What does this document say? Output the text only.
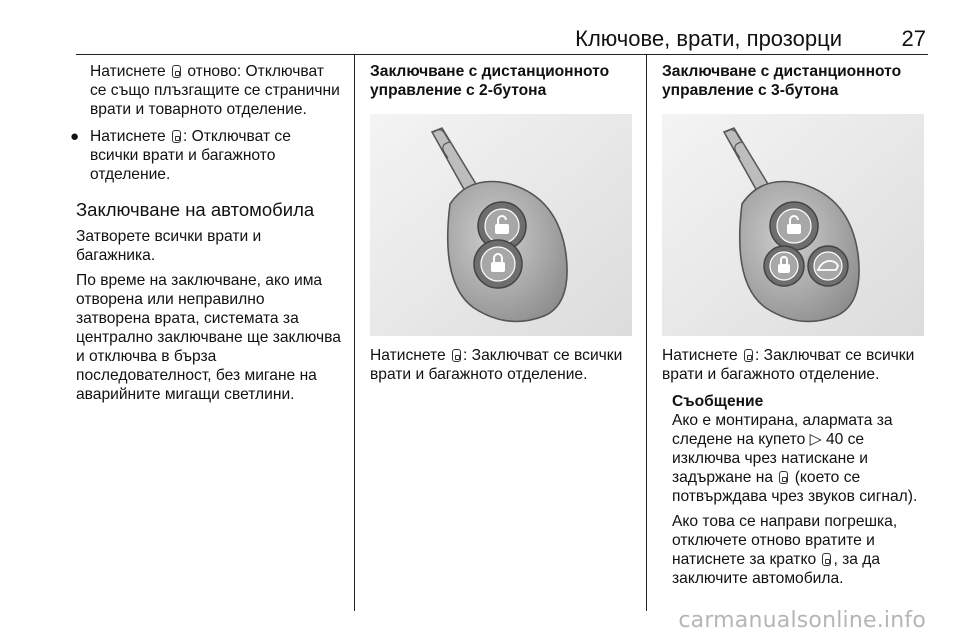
Ключове, врати, прозорци	27

Натиснете отново: Отключват се също плъзгащите се странични врати и товарното отделение.

● Натиснете : Отключват се всички врати и багажното отделение.

Заключване на автомобила

Затворете всички врати и багажника.

По време на заключване, ако има отворена или неправилно затворена врата, системата за централно заключване ще заключва и отключва в бърза последователност, без мигане на аварийните мигащи светлини.

Заключване с дистанционното управление с 2-бутона

Натиснете : Заключват се всички врати и багажното отделение.

Заключване с дистанционното управление с 3-бутона

Натиснете : Заключват се всички врати и багажното отделение.

Съобщение

Ако е монтирана, алармата за следене на купето ▷ 40 се изключва чрез натискане и задържане на (което се потвърждава чрез звуков сигнал).

Ако това се направи погрешка, отключете отново вратите и натиснете за кратко , за да заключите автомобила.

carmanualsonline.info
